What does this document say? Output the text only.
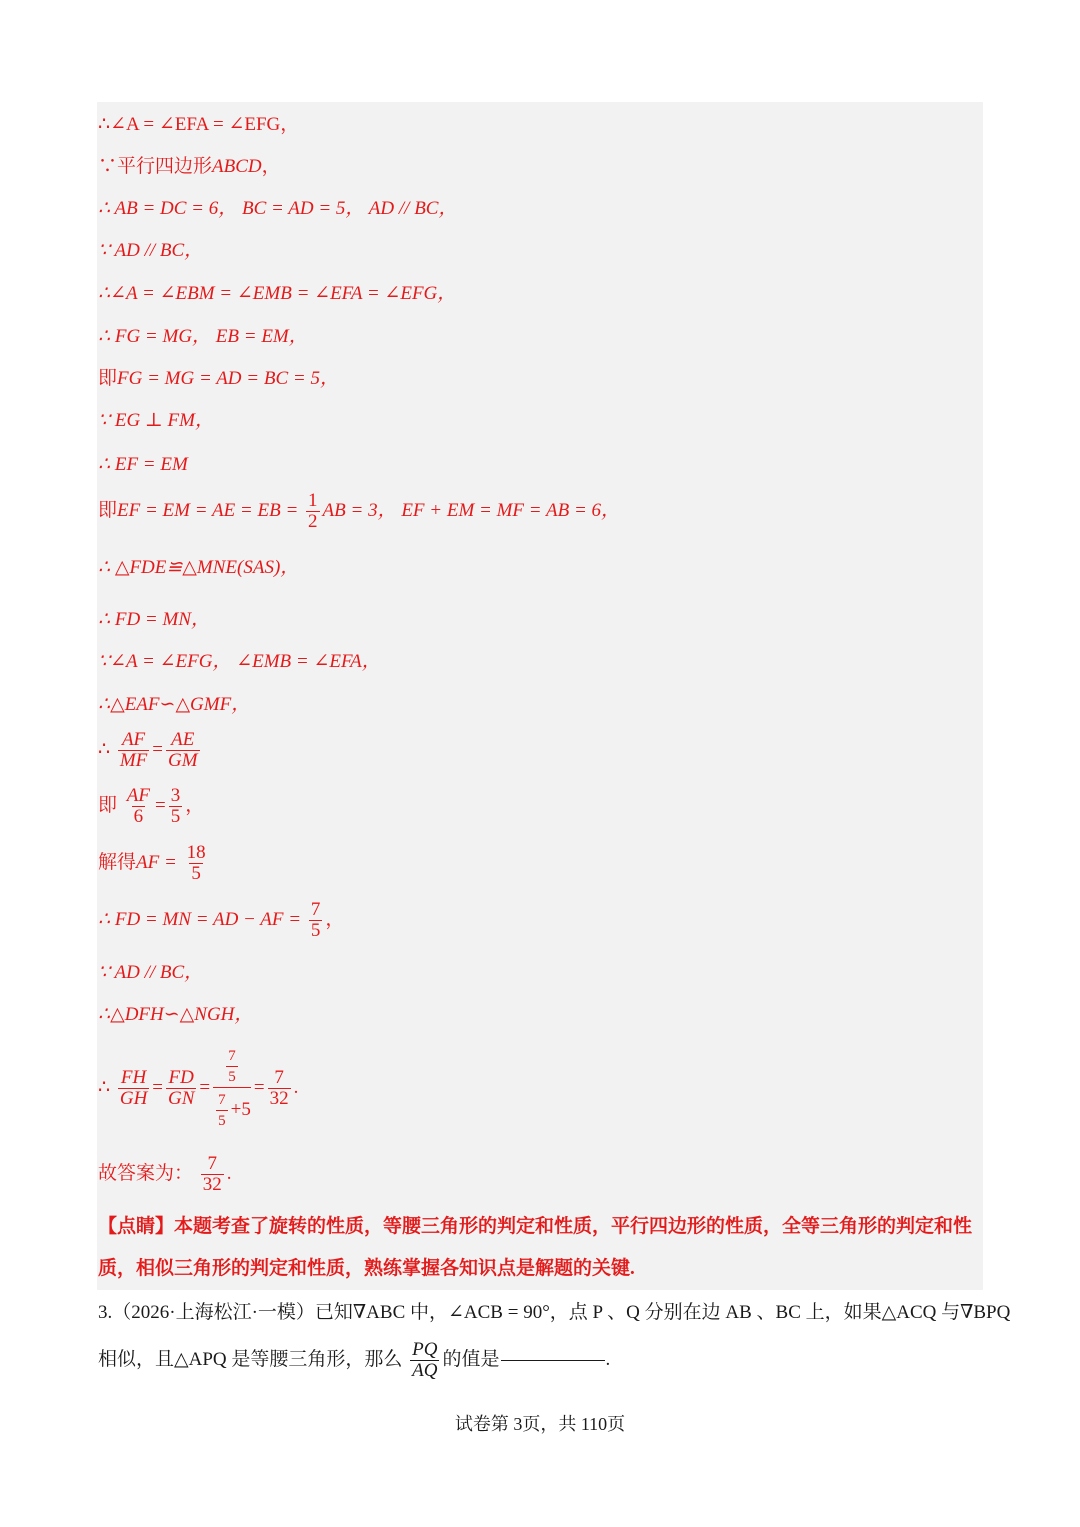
∴∠A = ∠EFA = ∠EFG，
∵平行四边形ABCD，
∴ AB = DC = 6， BC = AD = 5， AD // BC，
∵ AD // BC，
∴∠A = ∠EBM = ∠EMB = ∠EFA = ∠EFG，
∴ FG = MG， EB = EM，
即FG = MG = AD = BC = 5，
∵ EG ⊥ FM，
∴ EF = EM
即EF = EM = AE = EB = $\frac{1}{2}$ AB = 3， EF + EM = MF = AB = 6，
∴ △FDE≌△MNE(SAS)，
∴ FD = MN，
∵∠A = ∠EFG， ∠EMB = ∠EFA，
∴△EAF∽△GMF，
∴ $\frac{AF}{MF} = \frac{AE}{GM}$
即 $\frac{AF}{6} = \frac{3}{5}$ ，
解得AF = $\frac{18}{5}$
∴ FD = MN = AD − AF = $\frac{7}{5}$ ，
∵ AD // BC，
∴△DFH∽△NGH，
∴ $\frac{FH}{GH} = \frac{FD}{GN} = \frac{\frac{7}{5}}{\frac{7}{5} +5} = \frac{7}{32}$ .
故答案为： $\frac{7}{32}$ .
【点睛】本题考查了旋转的性质，等腰三角形的判定和性质，平行四边形的性质，全等三角形的判定和性质，相似三角形的判定和性质，熟练掌握各知识点是解题的关键.
3.（2026·上海松江·一模）已知∇ABC 中，∠ACB = 90°，点 P 、Q 分别在边 AB 、BC 上，如果△ACQ 与∇BPQ
相似，且△APQ 是等腰三角形，那么 $\frac{PQ}{AQ}$ 的值是	.
试卷第 3页，共 110页
